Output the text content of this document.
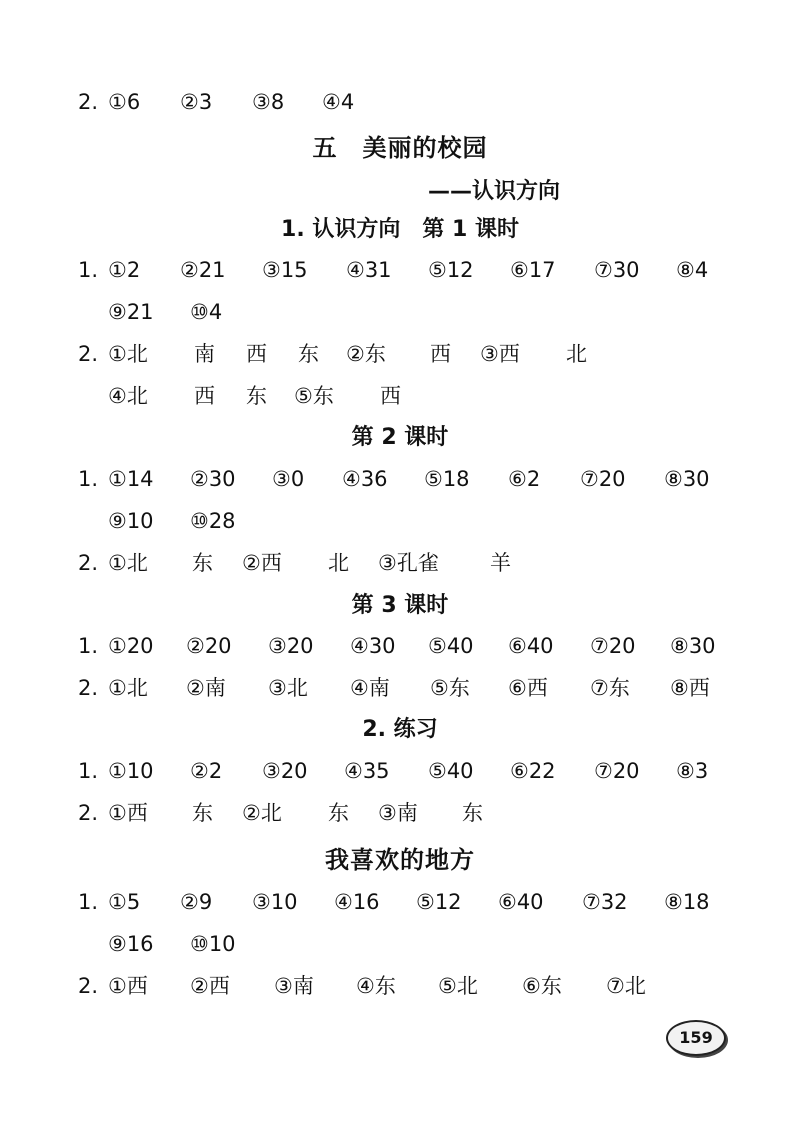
2. ①6 ②3 ③8 ④4
五　美丽的校园
——认识方向
1. 认识方向　第 1 课时
1. ①2 ②21 ③15 ④31 ⑤12 ⑥17 ⑦30 ⑧4
⑨21 ⑩4
2. ①北 南 西 东 ②东 西 ③西 北
④北 西 东 ⑤东 西
第 2 课时
1. ①14 ②30 ③0 ④36 ⑤18 ⑥2 ⑦20 ⑧30
⑨10 ⑩28
2. ①北 东 ②西 北 ③孔雀 羊
第 3 课时
1. ①20 ②20 ③20 ④30 ⑤40 ⑥40 ⑦20 ⑧30
2. ①北 ②南 ③北 ④南 ⑤东 ⑥西 ⑦东 ⑧西
2. 练习
1. ①10 ②2 ③20 ④35 ⑤40 ⑥22 ⑦20 ⑧3
2. ①西 东 ②北 东 ③南 东
我喜欢的地方
1. ①5 ②9 ③10 ④16 ⑤12 ⑥40 ⑦32 ⑧18
⑨16 ⑩10
2. ①西 ②西 ③南 ④东 ⑤北 ⑥东 ⑦北
159
